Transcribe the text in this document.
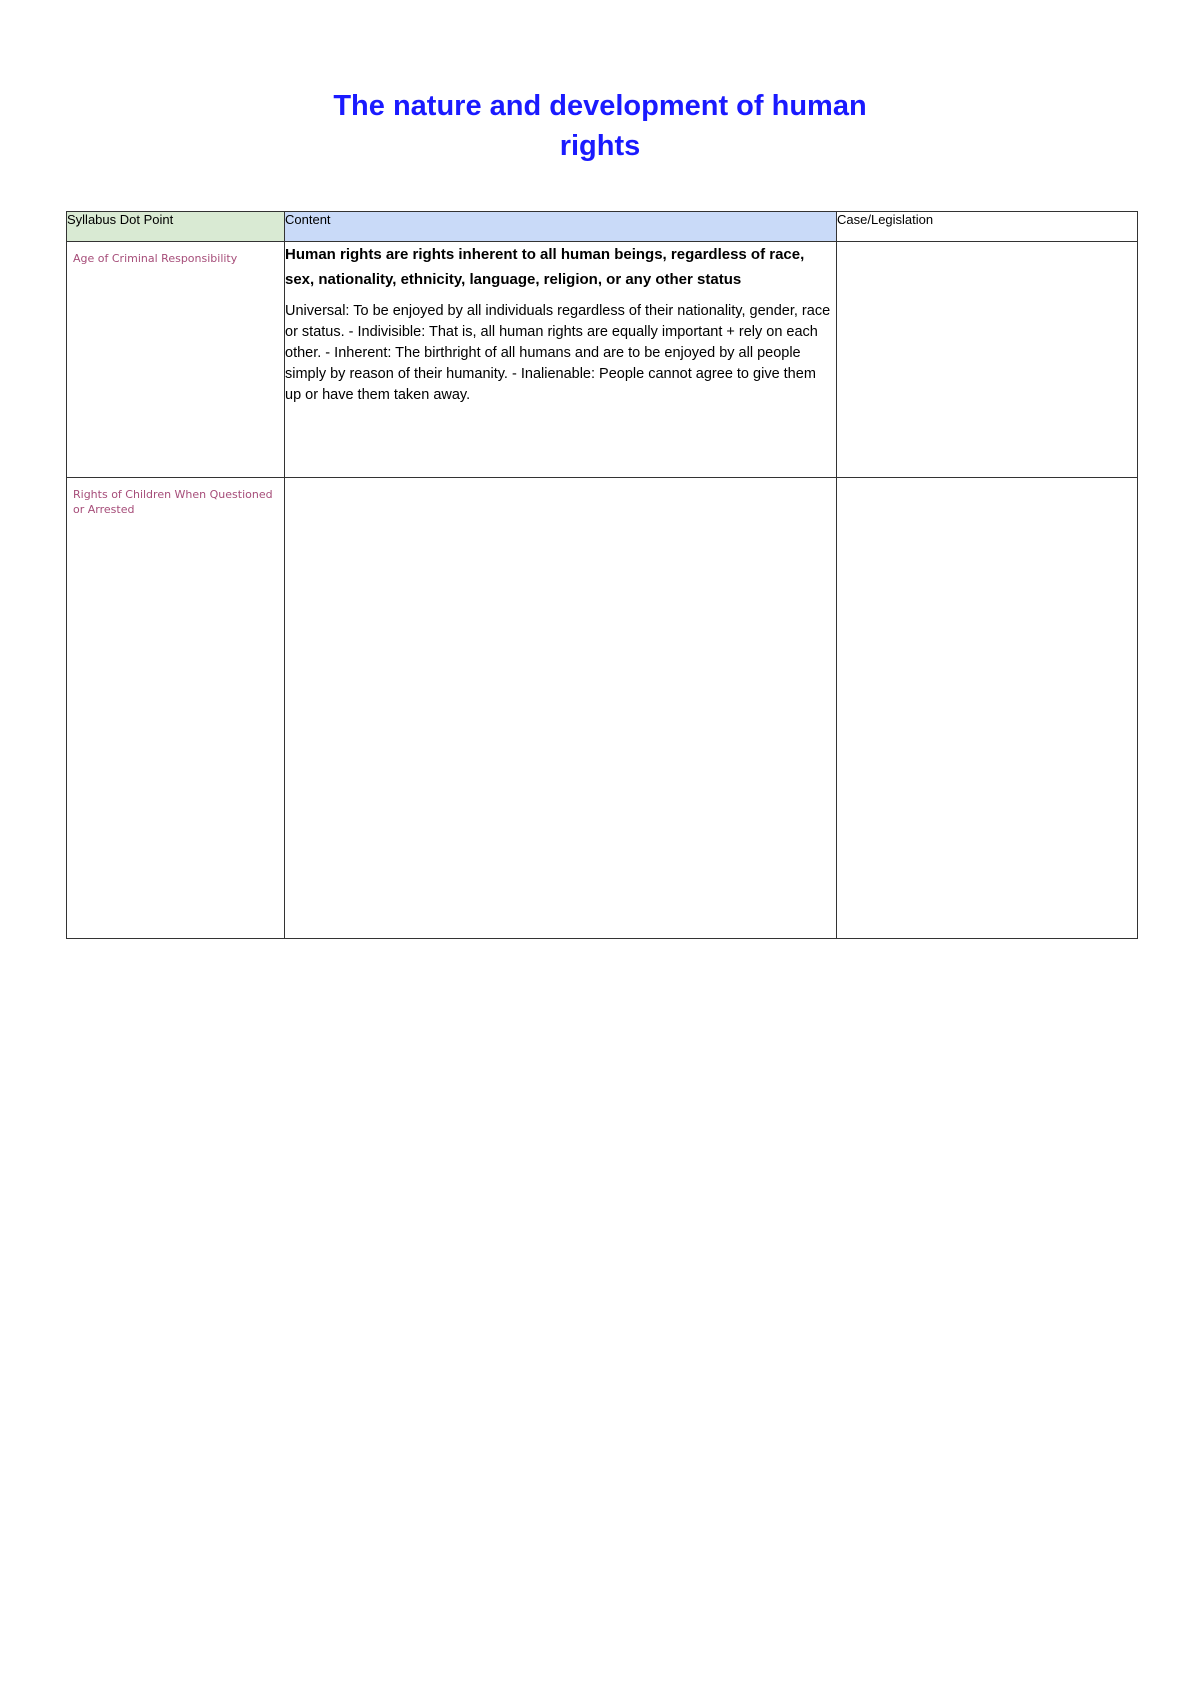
The nature and development of human
rights
Syllabus Dot Point	Content	Case/Legislation

Age of Criminal Responsibility	Human rights are rights inherent to all human beings, regardless of race, sex, nationality, ethnicity, language, religion, or any other status

Universal: To be enjoyed by all individuals regardless of their nationality, gender, race or status. - Indivisible: That is, all human rights are equally important + rely on each other. - Inherent: The birthright of all humans and are to be enjoyed by all people simply by reason of their humanity. - Inalienable: People cannot agree to give them up or have them taken away.	

Rights of Children When Questioned or Arrested		
